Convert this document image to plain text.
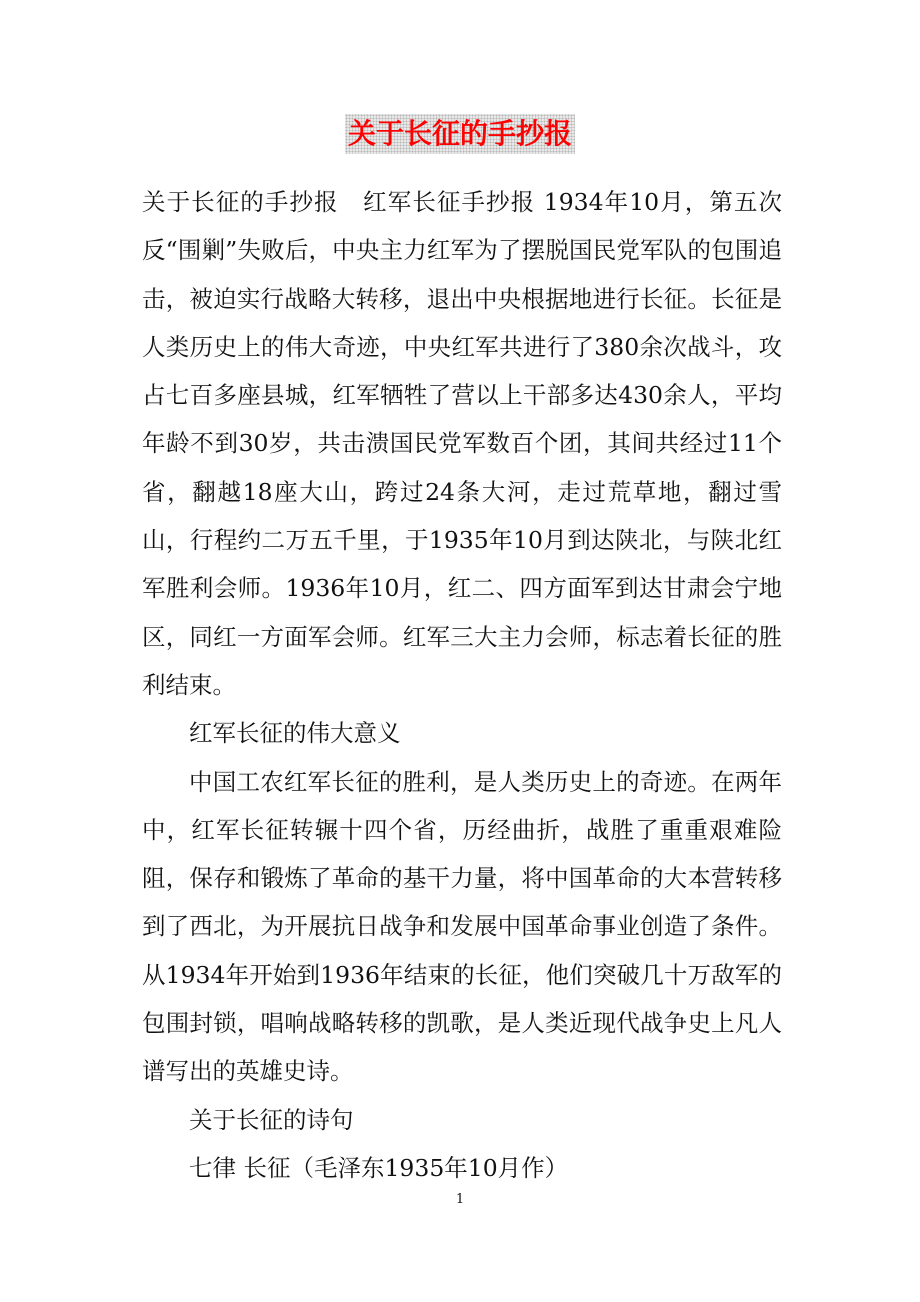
关于长征的手抄报

关于长征的手抄报　红军长征手抄报 1934年10月，第五次反“围剿”失败后，中央主力红军为了摆脱国民党军队的包围追击，被迫实行战略大转移，退出中央根据地进行长征。长征是人类历史上的伟大奇迹，中央红军共进行了380余次战斗，攻占七百多座县城，红军牺牲了营以上干部多达430余人，平均年龄不到30岁，共击溃国民党军数百个团，其间共经过11个省，翻越18座大山，跨过24条大河，走过荒草地，翻过雪山，行程约二万五千里，于1935年10月到达陕北，与陕北红军胜利会师。1936年10月，红二、四方面军到达甘肃会宁地区，同红一方面军会师。红军三大主力会师，标志着长征的胜利结束。

红军长征的伟大意义

中国工农红军长征的胜利，是人类历史上的奇迹。在两年中，红军长征转辗十四个省，历经曲折，战胜了重重艰难险阻，保存和锻炼了革命的基干力量，将中国革命的大本营转移到了西北，为开展抗日战争和发展中国革命事业创造了条件。从1934年开始到1936年结束的长征，他们突破几十万敌军的包围封锁，唱响战略转移的凯歌，是人类近现代战争史上凡人谱写出的英雄史诗。

关于长征的诗句

七律 长征（毛泽东1935年10月作）

1
